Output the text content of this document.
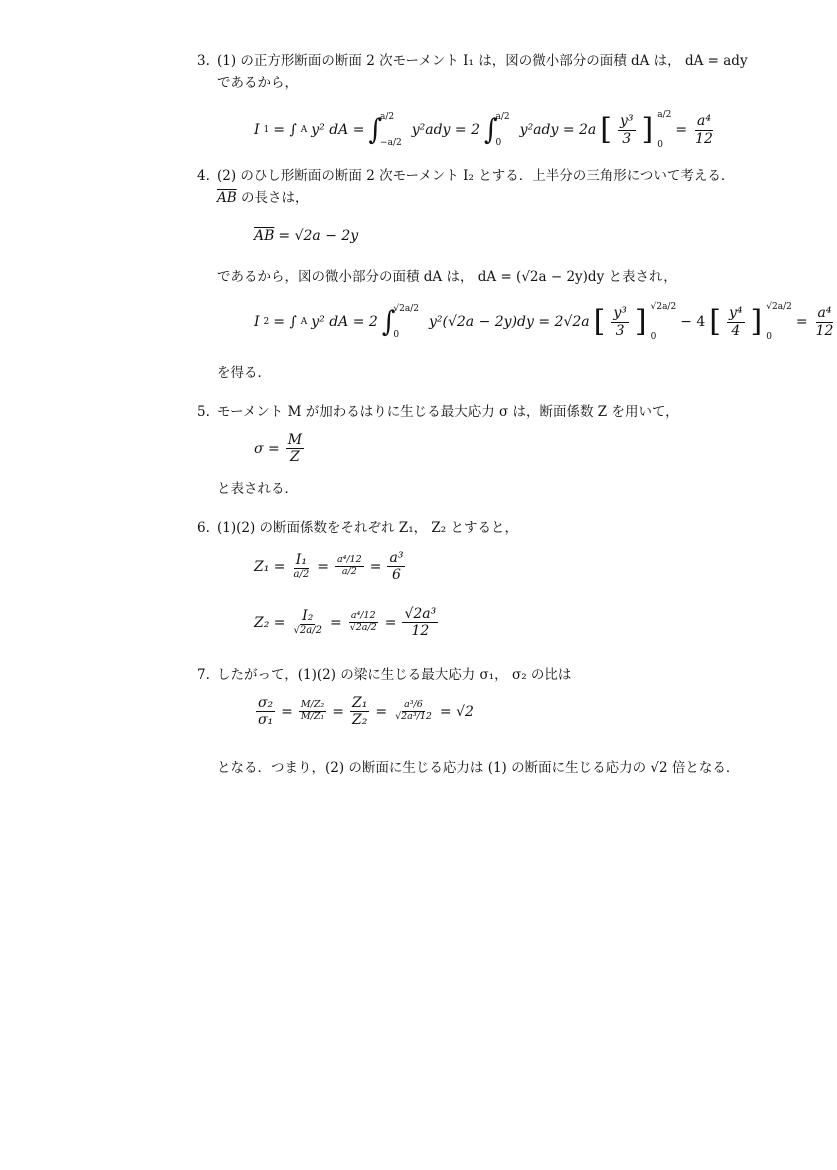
3. (1) の正方形断面の断面 2 次モーメント I₁ は，図の微小部分の面積 dA は， dA = ady
であるから，
I 1 = ∫ A y² dA = ∫
a/2
−a/2
y²ady = 2 ∫
a/2
0
y²ady = 2a [ $\frac{\text{y³}}{3}$ ] a/2
0
= $\frac{\text{a⁴}}{12}$
4. (2) のひし形断面の断面 2 次モーメント I₂ とする．上半分の三角形について考える．
$\overline{AB}$ の長さは，
$\overline{AB} = √2a - 2y$
であるから，図の微小部分の面積 dA は， dA = (√2a − 2y)dy と表され，
I 2 = ∫ A y² dA = 2 ∫
√2a/2
0
y²(√2a − 2y)dy = 2√2a [ $\frac{\text{y³}}{3}$ ] √2a/2
0
− 4 [ $\frac{\text{y⁴}}{4}$ ] √2a/2
0
= $\frac{\text{a⁴}}{12}$
を得る．
5. モーメント M が加わるはりに生じる最大応力 σ は，断面係数 Z を用いて，
$\sigma = \frac{M}{Z}$
と表される．
6. (1)(2) の断面係数をそれぞれ Z₁， Z₂ とすると，
$Z_1 = \frac{\text{I₁}}{a/2} = \frac{\text{a⁴/12}}{a/2} = \frac{\text{a³}}{6}$
$Z_2 = \frac{\text{I₂}}{√2a/2} = \frac{\text{a⁴/12}}{√2a/2} = \frac{\text{√2a³}}{12}$
7. したがって，(1)(2) の梁に生じる最大応力 σ₁， σ₂ の比は
$\frac{\text{σ₂}}{\text{σ₁}} = \frac{\text{M/Z₂}}{\text{M/Z₁}} = \frac{\text{Z₁}}{\text{Z₂}} = \frac{\text{a³/6}}{\text{√2a³/12}} = √2$
となる．つまり，(2) の断面に生じる応力は (1) の断面に生じる応力の √2 倍となる．
